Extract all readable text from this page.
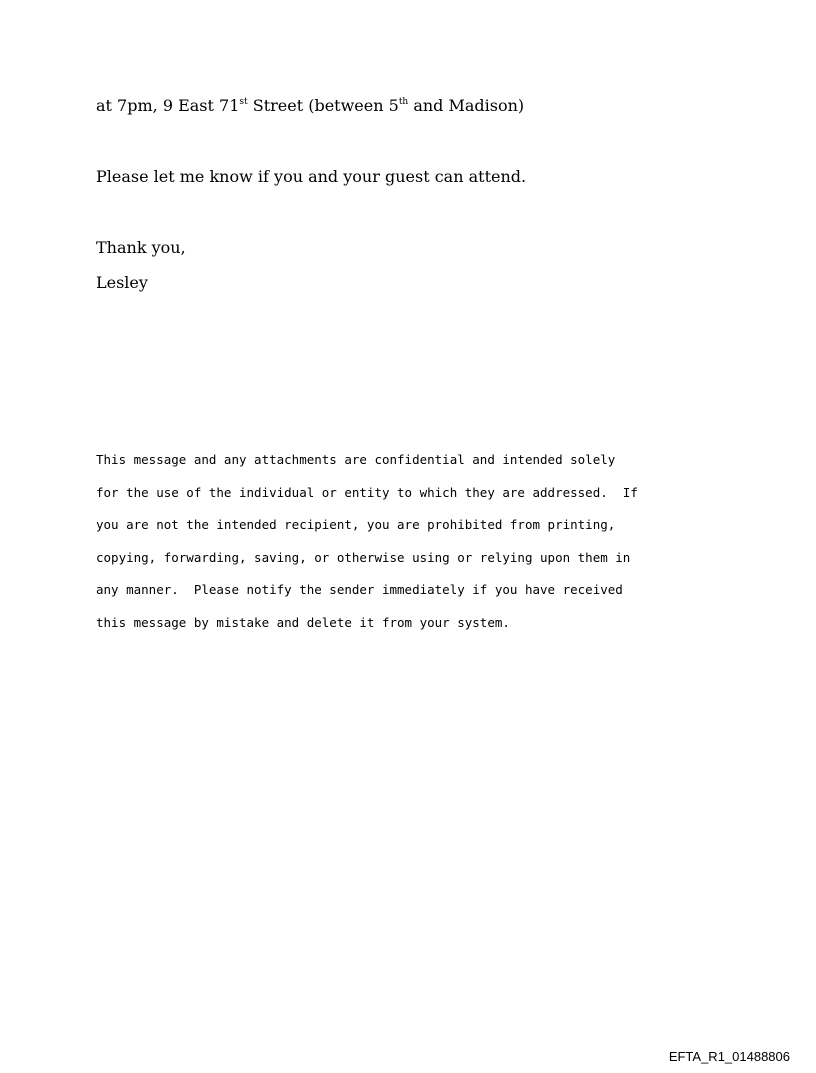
at 7pm, 9 East 71st Street (between 5th and Madison)

Please let me know if you and your guest can attend.

Thank you,

Lesley

This message and any attachments are confidential and intended solely
for the use of the individual or entity to which they are addressed.  If
you are not the intended recipient, you are prohibited from printing,
copying, forwarding, saving, or otherwise using or relying upon them in
any manner.  Please notify the sender immediately if you have received
this message by mistake and delete it from your system.
EFTA_R1_01488806
